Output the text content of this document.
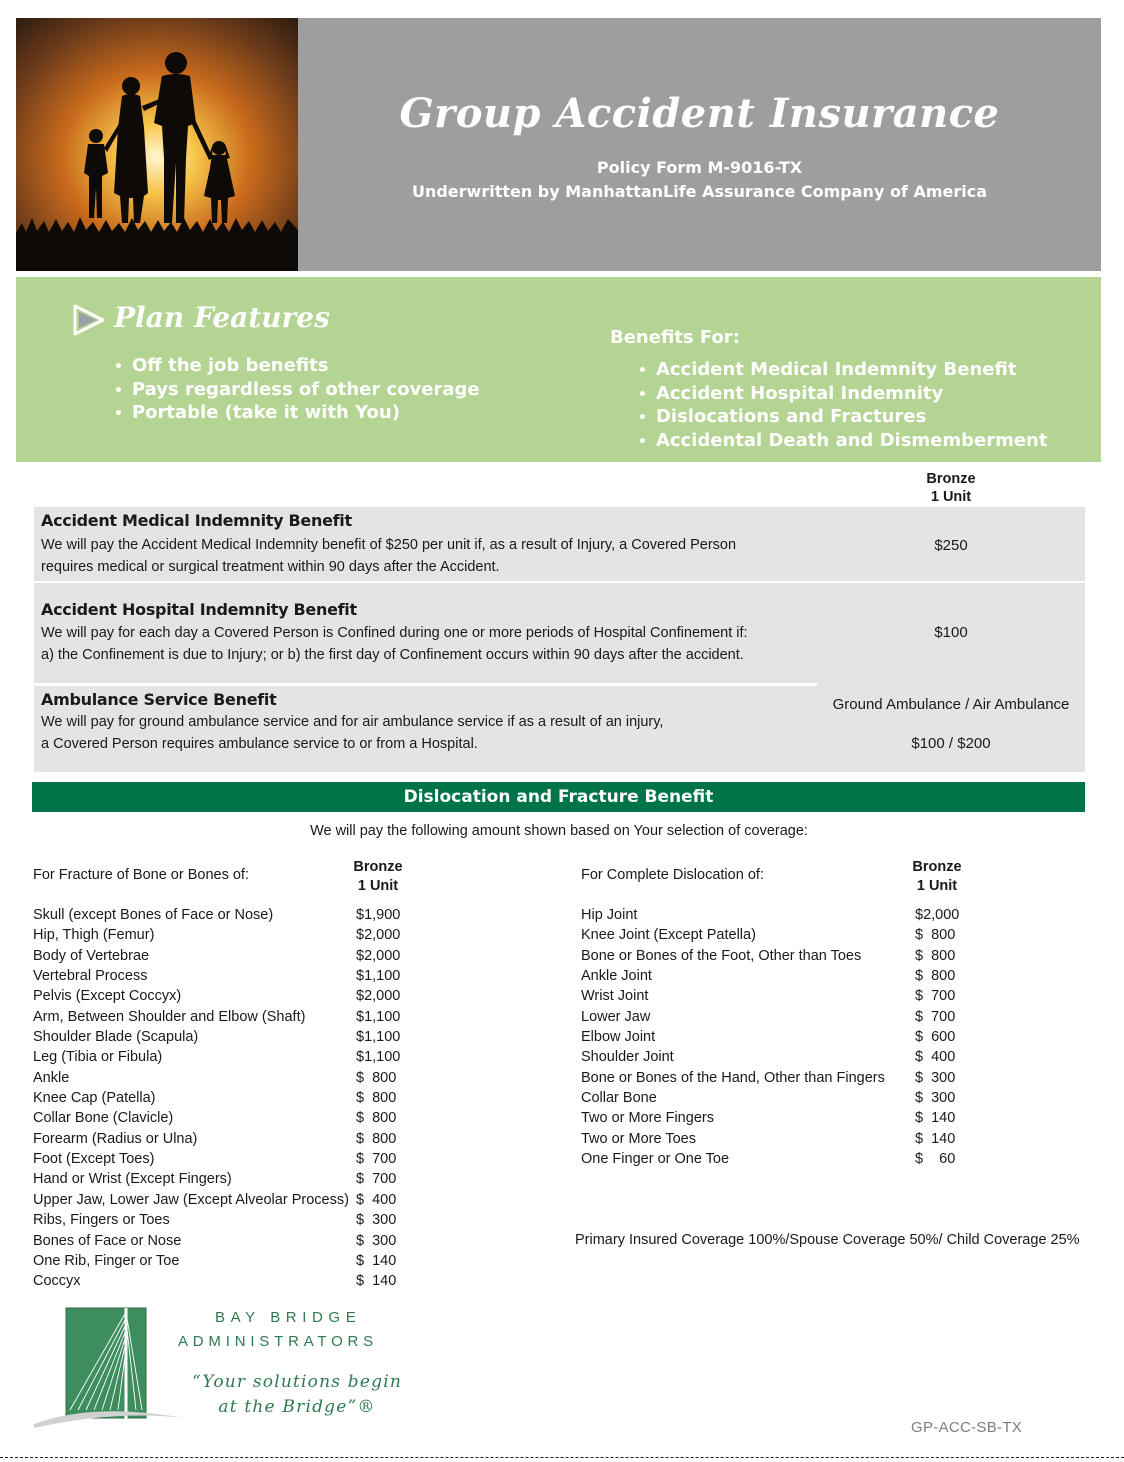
Group Accident Insurance
Policy Form M-9016-TX
Underwritten by ManhattanLife Assurance Company of America
Plan Features
• Off the job benefits
• Pays regardless of other coverage
• Portable (take it with You)
Benefits For:
• Accident Medical Indemnity Benefit
• Accident Hospital Indemnity
• Dislocations and Fractures
• Accidental Death and Dismemberment
Bronze
1 Unit
Accident Medical Indemnity Benefit
We will pay the Accident Medical Indemnity benefit of $250 per unit if, as a result of Injury, a Covered Person
requires medical or surgical treatment within 90 days after the Accident.
$250
Accident Hospital Indemnity Benefit
We will pay for each day a Covered Person is Confined during one or more periods of Hospital Confinement if:
a) the Confinement is due to Injury; or b) the first day of Confinement occurs within 90 days after the accident.
$100
Ambulance Service Benefit
We will pay for ground ambulance service and for air ambulance service if as a result of an injury,
a Covered Person requires ambulance service to or from a Hospital.
Ground Ambulance / Air Ambulance
$100 / $200
Dislocation and Fracture Benefit
We will pay the following amount shown based on Your selection of coverage:
For Fracture of Bone or Bones of:	Bronze
1 Unit
For Complete Dislocation of:	Bronze
1 Unit
Skull (except Bones of Face or Nose)	$1,900
Hip, Thigh (Femur)	$2,000
Body of Vertebrae	$2,000
Vertebral Process	$1,100
Pelvis (Except Coccyx)	$2,000
Arm, Between Shoulder and Elbow (Shaft)	$1,100
Shoulder Blade (Scapula)	$1,100
Leg (Tibia or Fibula)	$1,100
Ankle	$  800
Knee Cap (Patella)	$  800
Collar Bone (Clavicle)	$  800
Forearm (Radius or Ulna)	$  800
Foot (Except Toes)	$  700
Hand or Wrist (Except Fingers)	$  700
Upper Jaw, Lower Jaw (Except Alveolar Process) $  400
Ribs, Fingers or Toes	$  300
Bones of Face or Nose	$  300
One Rib, Finger or Toe	$  140
Coccyx	$  140
Hip Joint	$2,000
Knee Joint (Except Patella)	$  800
Bone or Bones of the Foot, Other than Toes	$  800
Ankle Joint	$  800
Wrist Joint	$  700
Lower Jaw	$  700
Elbow Joint	$  600
Shoulder Joint	$  400
Bone or Bones of the Hand, Other than Fingers $  300
Collar Bone	$  300
Two or More Fingers	$  140
Two or More Toes	$  140
One Finger or One Toe	$    60
Primary Insured Coverage 100%/Spouse Coverage 50%/ Child Coverage 25%
BAY BRIDGE
ADMINISTRATORS
“Your solutions begin
at the Bridge”®
GP-ACC-SB-TX
